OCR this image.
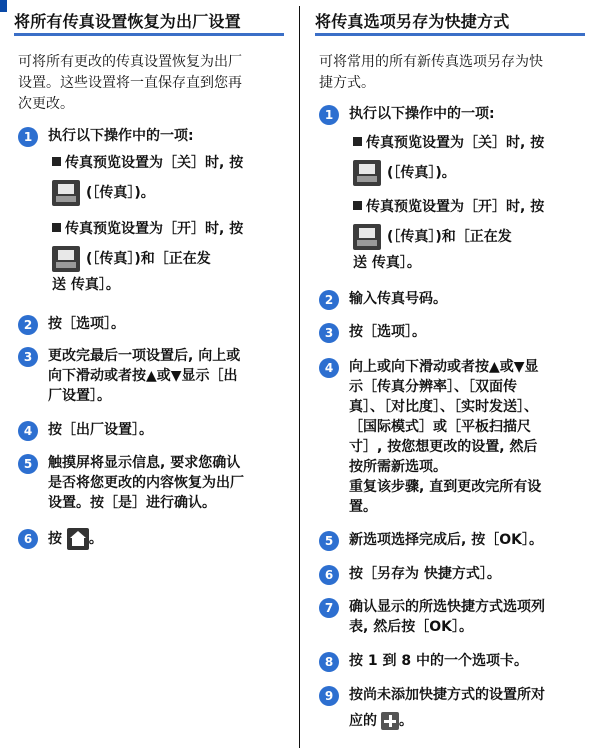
将所有传真设置恢复为出厂设置
可将所有更改的传真设置恢复为出厂
设置。这些设置将一直保存直到您再
次更改。
1	执行以下操作中的一项:
传真预览设置为［关］时, 按
(［传真］)。
传真预览设置为［开］时, 按
(［传真］)和［正在发
送 传真］。
2	按［选项］。
3	更改完最后一项设置后, 向上或
向下滑动或者按▲或▼显示［出
厂设置］。
4	按［出厂设置］。
5	触摸屏将显示信息, 要求您确认
是否将您更改的内容恢复为出厂
设置。按［是］进行确认。
6	按 。
将传真选项另存为快捷方式
可将常用的所有新传真选项另存为快
捷方式。
1	执行以下操作中的一项:
传真预览设置为［关］时, 按
(［传真］)。
传真预览设置为［开］时, 按
(［传真］)和［正在发
送 传真］。
2	输入传真号码。
3	按［选项］。
4	向上或向下滑动或者按▲或▼显
示［传真分辨率］、［双面传
真］、［对比度］、［实时发送］、
［国际模式］或［平板扫描尺
寸］, 按您想更改的设置, 然后
按所需新选项。
重复该步骤, 直到更改完所有设
置。
5	新选项选择完成后, 按［OK］。
6	按［另存为 快捷方式］。
7	确认显示的所选快捷方式选项列
表, 然后按［OK］。
8	按 1 到 8 中的一个选项卡。
9	按尚未添加快捷方式的设置所对
应的 。
